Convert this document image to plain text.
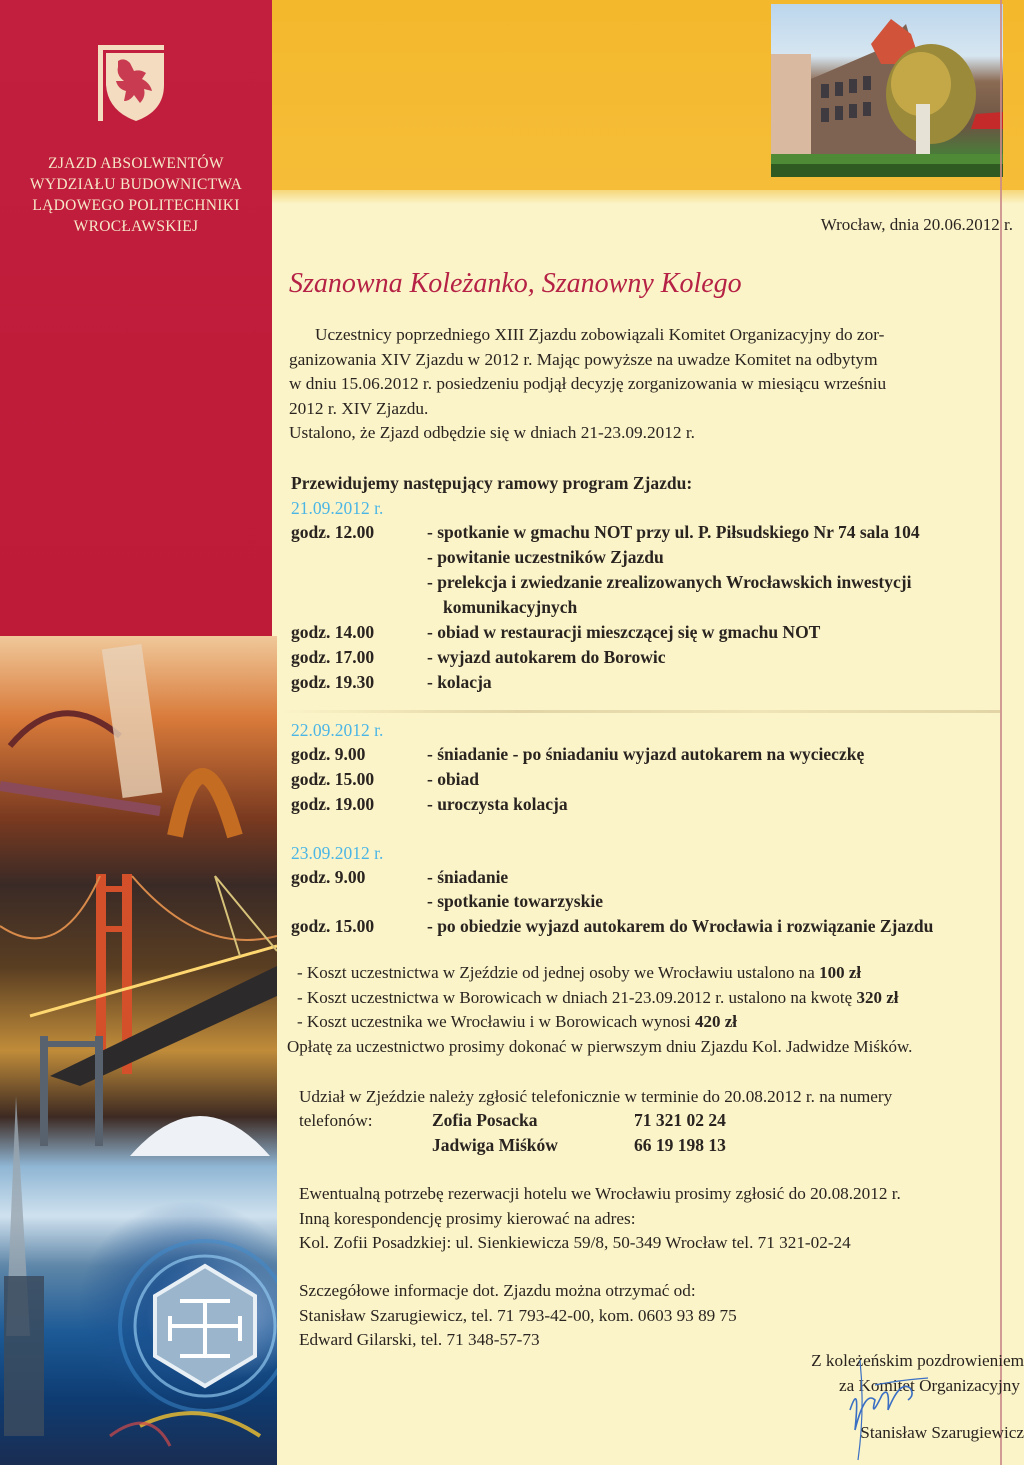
ZJAZD ABSOLWENTÓW
WYDZIAŁU BUDOWNICTWA
LĄDOWEGO POLITECHNIKI
WROCŁAWSKIEJ	Wrocław, dnia 20.06.2012 r.
Szanowna Koleżanko, Szanowny Kolego

Uczestnicy poprzedniego XIII Zjazdu zobowiązali Komitet Organizacyjny do zor-

ganizowania XIV Zjazdu w 2012 r. Mając powyższe na uwadze Komitet na odbytym

w dniu 15.06.2012 r. posiedzeniu podjął decyzję zorganizowania w miesiącu wrześniu

2012 r. XIV Zjazdu.

Ustalono, że Zjazd odbędzie się w dniach 21-23.09.2012 r.

Przewidujemy następujący ramowy program Zjazdu:
21.09.2012 r.
godz. 12.00	- spotkanie w gmachu NOT przy ul. P. Piłsudskiego Nr 74 sala 104
- powitanie uczestników Zjazdu
- prelekcja i zwiedzanie zrealizowanych Wrocławskich inwestycji
komunikacyjnych
godz. 14.00	- obiad w restauracji mieszczącej się w gmachu NOT
godz. 17.00	- wyjazd autokarem do Borowic
godz. 19.30	- kolacja
22.09.2012 r.
godz. 9.00	- śniadanie - po śniadaniu wyjazd autokarem na wycieczkę
godz. 15.00	- obiad
godz. 19.00	- uroczysta kolacja
23.09.2012 r.
godz. 9.00	- śniadanie
- spotkanie towarzyskie
godz. 15.00	- po obiedzie wyjazd autokarem do Wrocławia i rozwiązanie Zjazdu
- Koszt uczestnictwa w Zjeździe od jednej osoby we Wrocławiu ustalono na 100 zł
- Koszt uczestnictwa w Borowicach w dniach 21-23.09.2012 r. ustalono na kwotę 320 zł
- Koszt uczestnika we Wrocławiu i w Borowicach wynosi 420 zł
Opłatę za uczestnictwo prosimy dokonać w pierwszym dniu Zjazdu Kol. Jadwidze Miśków.
Udział w Zjeździe należy zgłosić telefonicznie w terminie do 20.08.2012 r. na numery
telefonów:	Zofia Posacka	71 321 02 24
Jadwiga Miśków	66 19 198 13
Ewentualną potrzebę rezerwacji hotelu we Wrocławiu prosimy zgłosić do 20.08.2012 r.
Inną korespondencję prosimy kierować na adres:
Kol. Zofii Posadzkiej: ul. Sienkiewicza 59/8, 50-349 Wrocław tel. 71 321-02-24
Szczegółowe informacje dot. Zjazdu można otrzymać od:
Stanisław Szarugiewicz, tel. 71 793-42-00, kom. 0603 93 89 75
Edward Gilarski, tel. 71 348-57-73
Z koleżeńskim pozdrowieniem
za Komitet Organizacyjny
Stanisław Szarugiewicz
